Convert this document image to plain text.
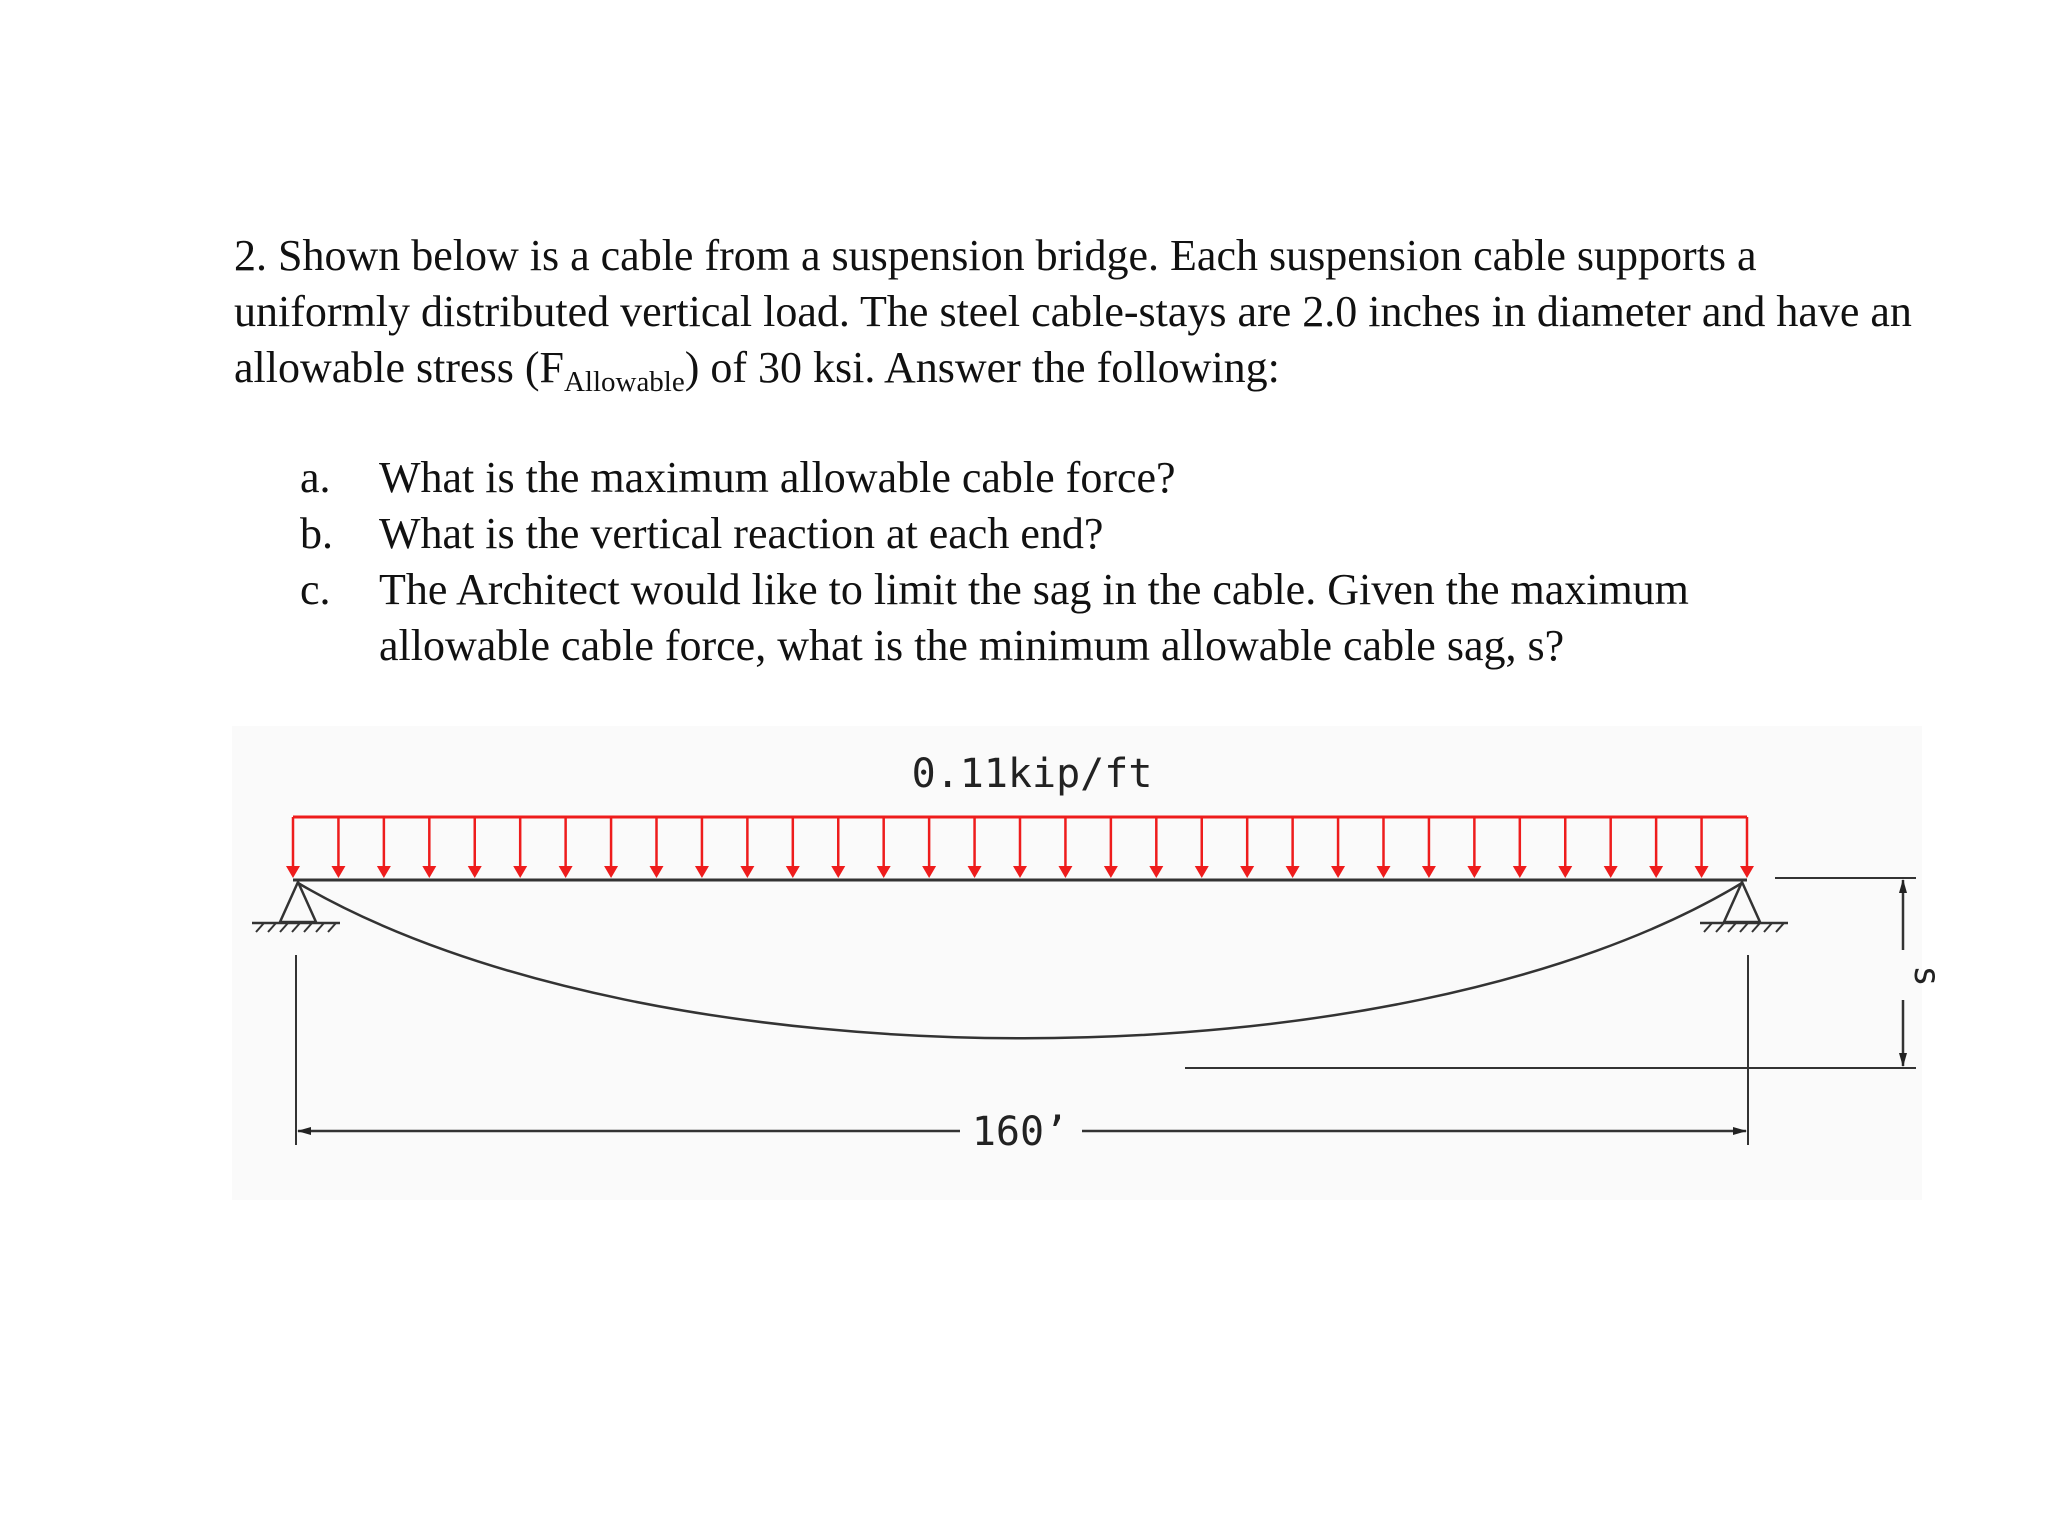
2. Shown below is a cable from a suspension bridge. Each suspension cable supports a uniformly distributed vertical load. The steel cable-stays are 2.0 inches in diameter and have an allowable stress $(F_{Allowable})$ of 30 ksi. Answer the following:

a.	What is the maximum allowable cable force?
b.	What is the vertical reaction at each end?
c.	The Architect would like to limit the sag in the cable. Given the maximum allowable cable force, what is the minimum allowable cable sag, s?
0.11kip/ft
160’
s
